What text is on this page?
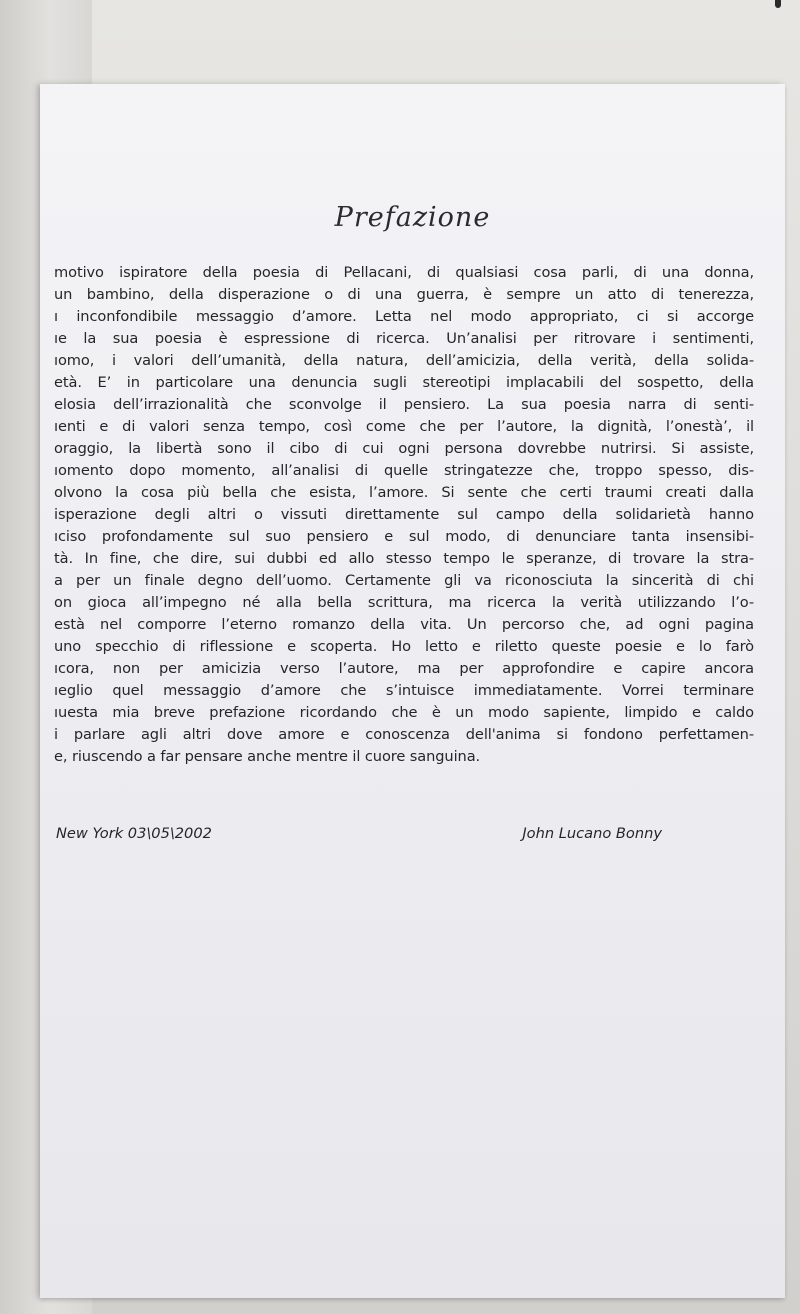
Prefazione
motivo ispiratore della poesia di Pellacani, di qualsiasi cosa parli, di una donna,
un bambino, della disperazione o di una guerra, è sempre un atto di tenerezza,
ı inconfondibile messaggio d’amore. Letta nel modo appropriato, ci si accorge
ıe la sua poesia è espressione di ricerca. Un’analisi per ritrovare i sentimenti,
ıomo, i valori dell’umanità, della natura, dell’amicizia, della verità, della solida-
età. E’ in particolare una denuncia sugli stereotipi implacabili del sospetto, della
elosia dell’irrazionalità che sconvolge il pensiero. La sua poesia narra di senti-
ıenti e di valori senza tempo, così come che per l’autore, la dignità, l’onestà’, il
oraggio, la libertà sono il cibo di cui ogni persona dovrebbe nutrirsi. Si assiste,
ıomento dopo momento, all’analisi di quelle stringatezze che, troppo spesso, dis-
olvono la cosa più bella che esista, l’amore. Si sente che certi traumi creati dalla
isperazione degli altri o vissuti direttamente sul campo della solidarietà hanno
ıciso profondamente sul suo pensiero e sul modo, di denunciare tanta insensibi-
tà. In fine, che dire, sui dubbi ed allo stesso tempo le speranze, di trovare la stra-
a per un finale degno dell’uomo. Certamente gli va riconosciuta la sincerità di chi
on gioca all’impegno né alla bella scrittura, ma ricerca la verità utilizzando l’o-
està nel comporre l’eterno romanzo della vita. Un percorso che, ad ogni pagina
uno specchio di riflessione e scoperta. Ho letto e riletto queste poesie e lo farò
ıcora, non per amicizia verso l’autore, ma per approfondire e capire ancora
ıeglio quel messaggio d’amore che s’intuisce immediatamente. Vorrei terminare
ıuesta mia breve prefazione ricordando che è un modo sapiente, limpido e caldo
i parlare agli altri dove amore e conoscenza dell'anima si fondono perfettamen-
e, riuscendo a far pensare anche mentre il cuore sanguina.
New York 03\05\2002	John Lucano Bonny
